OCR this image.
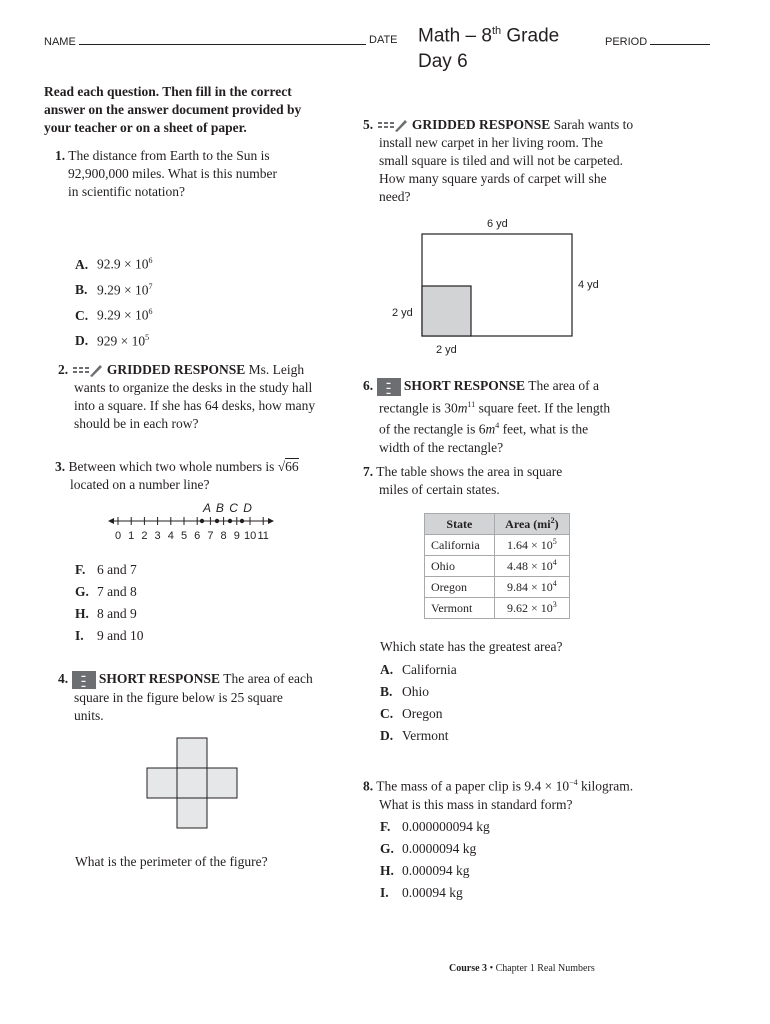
NAME	DATE Math – 8th Grade
Day 6
PERIOD
Read each question. Then fill in the correct answer on the answer document provided by your teacher or on a sheet of paper.

1. The distance from Earth to the Sun is

92,900,000 miles. What is this number

in scientific notation?

A. $92.9 \times 10^6$
B. $9.29 \times 10^7$
C. $9.29 \times 10^6$
D. $929 \times 10^5$

2.	GRIDDED RESPONSE Ms. Leigh

wants to organize the desks in the study hall

into a square. If she has 64 desks, how many

should be in each row?

3. Between which two whole numbers is √66

located on a number line?

A B C D
0 1 2 3 4 5 6 7 8 9 10 11
F. 6 and 7
G. 7 and 8
H. 8 and 9
I. 9 and 10

4.	▬
▬
▬ SHORT RESPONSE The area of each

square in the figure below is 25 square

units.

What is the perimeter of the figure?

5.	GRIDDED RESPONSE Sarah wants to

install new carpet in her living room. The

small square is tiled and will not be carpeted.

How many square yards of carpet will she

need?

6 yd
4 yd
2 yd
2 yd

6.	▬
▬
▬ SHORT RESPONSE The area of a

rectangle is $30m^{11}$ square feet. If the length

of the rectangle is $6m^4$ feet, what is the

width of the rectangle?

7. The table shows the area in square

miles of certain states.

State	Area $(mi^2)$
California	$1.64 \times 10^5$
Ohio	$4.48 \times 10^4$
Oregon	$9.84 \times 10^4$
Vermont	$9.62 \times 10^3$
Which state has the greatest area?
A. California
B. Ohio
C. Oregon
D. Vermont

8. The mass of a paper clip is $9.4 \times 10^{-4}$ kilogram.

What is this mass in standard form?

F. 0.000000094 kg
G. 0.0000094 kg
H. 0.000094 kg
I. 0.00094 kg
Course 3 • Chapter 1 Real Numbers
